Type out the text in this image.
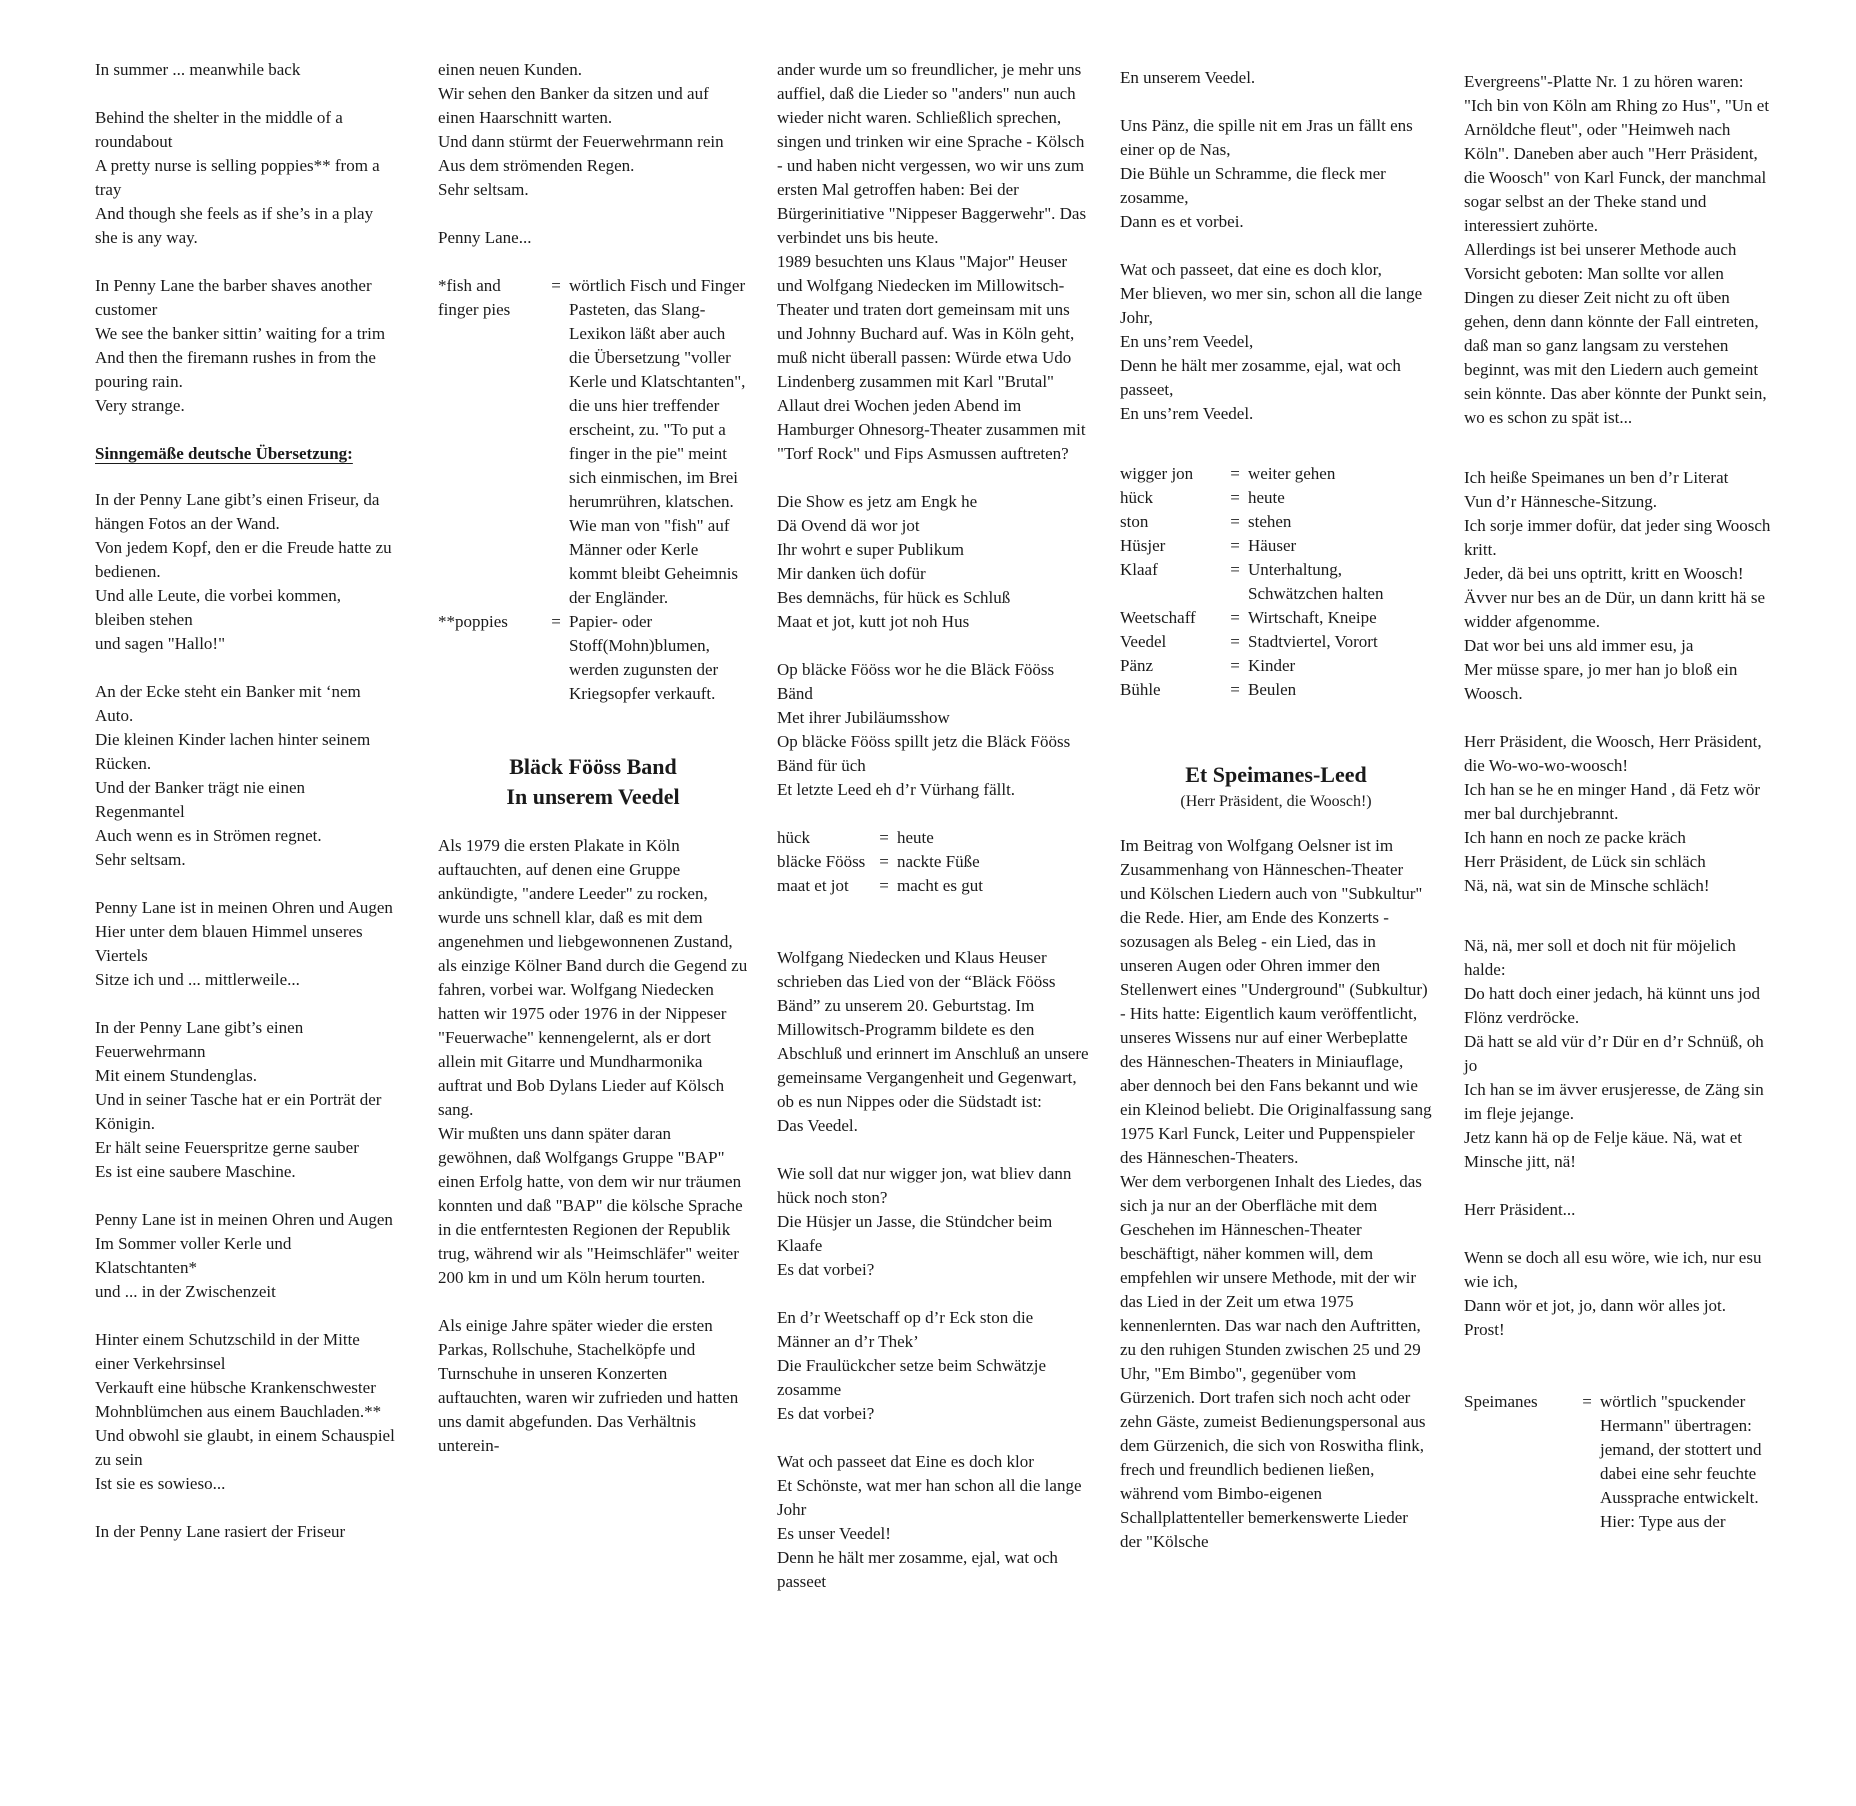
In summer ... meanwhile back

Behind the shelter in the middle of a roundabout
A pretty nurse is selling poppies** from a tray
And though she feels as if she’s in a play
she is any way.

In Penny Lane the barber shaves another customer
We see the banker sittin’ waiting for a trim
And then the firemann rushes in from the pouring rain.
Very strange.

Sinngemäße deutsche Übersetzung:

In der Penny Lane gibt’s einen Friseur, da hängen Fotos an der Wand.
Von jedem Kopf, den er die Freude hatte zu bedienen.
Und alle Leute, die vorbei kommen, bleiben stehen
und sagen "Hallo!"

An der Ecke steht ein Banker mit ‘nem Auto.
Die kleinen Kinder lachen hinter seinem Rücken.
Und der Banker trägt nie einen Regenmantel
Auch wenn es in Strömen regnet.
Sehr seltsam.

Penny Lane ist in meinen Ohren und Augen
Hier unter dem blauen Himmel unseres Viertels
Sitze ich und ... mittlerweile...

In der Penny Lane gibt’s einen Feuerwehrmann
Mit einem Stundenglas.
Und in seiner Tasche hat er ein Porträt der Königin.
Er hält seine Feuerspritze gerne sauber
Es ist eine saubere Maschine.

Penny Lane ist in meinen Ohren und Augen
Im Sommer voller Kerle und Klatschtanten*
und ... in der Zwischenzeit

Hinter einem Schutzschild in der Mitte einer Verkehrsinsel
Verkauft eine hübsche Krankenschwester Mohnblümchen aus einem Bauchladen.**
Und obwohl sie glaubt, in einem Schauspiel zu sein
Ist sie es sowieso...

In der Penny Lane rasiert der Friseur

einen neuen Kunden.
Wir sehen den Banker da sitzen und auf einen Haarschnitt warten.
Und dann stürmt der Feuerwehrmann rein
Aus dem strömenden Regen.
Sehr seltsam.

Penny Lane...

*fish and
finger pies	=	wörtlich Fisch und Finger Pasteten, das Slang-Lexikon läßt aber auch die Übersetzung "voller Kerle und Klatschtanten", die uns hier treffender erscheint, zu. "To put a finger in the pie" meint sich einmischen, im Brei herumrühren, klatschen. Wie man von "fish" auf Männer oder Kerle kommt bleibt Geheimnis der Engländer.
**poppies	=	Papier- oder Stoff(Mohn)blumen, werden zugunsten der Kriegsopfer verkauft.
Bläck Fööss Band
In unserem Veedel

Als 1979 die ersten Plakate in Köln auftauchten, auf denen eine Gruppe ankündigte, "andere Leeder" zu rocken, wurde uns schnell klar, daß es mit dem angenehmen und liebgewonnenen Zustand, als einzige Kölner Band durch die Gegend zu fahren, vorbei war. Wolfgang Niedecken hatten wir 1975 oder 1976 in der Nippeser "Feuerwache" kennengelernt, als er dort allein mit Gitarre und Mundharmonika auftrat und Bob Dylans Lieder auf Kölsch sang.
Wir mußten uns dann später daran gewöhnen, daß Wolfgangs Gruppe "BAP" einen Erfolg hatte, von dem wir nur träumen konnten und daß "BAP" die kölsche Sprache in die entferntesten Regionen der Republik trug, während wir als "Heimschläfer" weiter 200 km in und um Köln herum tourten.

Als einige Jahre später wieder die ersten Parkas, Rollschuhe, Stachelköpfe und Turnschuhe in unseren Konzerten auftauchten, waren wir zufrieden und hatten uns damit abgefunden. Das Verhältnis unterein-

ander wurde um so freundlicher, je mehr uns auffiel, daß die Lieder so "anders" nun auch wieder nicht waren. Schließlich sprechen, singen und trinken wir eine Sprache - Kölsch - und haben nicht vergessen, wo wir uns zum ersten Mal getroffen haben: Bei der Bürgerinitiative "Nippeser Baggerwehr". Das verbindet uns bis heute.
1989 besuchten uns Klaus "Major" Heuser und Wolfgang Niedecken im Millowitsch-Theater und traten dort gemeinsam mit uns und Johnny Buchard auf. Was in Köln geht, muß nicht überall passen: Würde etwa Udo Lindenberg zusammen mit Karl "Brutal" Allaut drei Wochen jeden Abend im Hamburger Ohnesorg-Theater zusammen mit "Torf Rock" und Fips Asmussen auftreten?

Die Show es jetz am Engk he
Dä Ovend dä wor jot
Ihr wohrt e super Publikum
Mir danken üch dofür
Bes demnächs, für hück es Schluß
Maat et jot, kutt jot noh Hus

Op bläcke Fööss wor he die Bläck Fööss Bänd
Met ihrer Jubiläumsshow
Op bläcke Fööss spillt jetz die Bläck Fööss Bänd für üch
Et letzte Leed eh d’r Vürhang fällt.

hück	=	heute
bläcke Fööss	=	nackte Füße
maat et jot	=	macht es gut

Wolfgang Niedecken und Klaus Heuser schrieben das Lied von der “Bläck Fööss Bänd” zu unserem 20. Geburtstag. Im Millowitsch-Programm bildete es den Abschluß und erinnert im Anschluß an unsere gemeinsame Vergangenheit und Gegenwart, ob es nun Nippes oder die Südstadt ist:
Das Veedel.

Wie soll dat nur wigger jon, wat bliev dann hück noch ston?
Die Hüsjer un Jasse, die Stündcher beim Klaafe
Es dat vorbei?

En d’r Weetschaff op d’r Eck ston die Männer an d’r Thek’
Die Fraulückcher setze beim Schwätzje zosamme
Es dat vorbei?

Wat och passeet dat Eine es doch klor
Et Schönste, wat mer han schon all die lange Johr
Es unser Veedel!
Denn he hält mer zosamme, ejal, wat och passeet

En unserem Veedel.

Uns Pänz, die spille nit em Jras un fällt ens einer op de Nas,
Die Bühle un Schramme, die fleck mer zosamme,
Dann es et vorbei.

Wat och passeet, dat eine es doch klor,
Mer blieven, wo mer sin, schon all die lange Johr,
En uns’rem Veedel,
Denn he hält mer zosamme, ejal, wat och passeet,
En uns’rem Veedel.

wigger jon	=	weiter gehen
hück	=	heute
ston	=	stehen
Hüsjer	=	Häuser
Klaaf	=	Unterhaltung, Schwätzchen halten
Weetschaff	=	Wirtschaft, Kneipe
Veedel	=	Stadtviertel, Vorort
Pänz	=	Kinder
Bühle	=	Beulen
Et Speimanes-Leed
(Herr Präsident, die Woosch!)

Im Beitrag von Wolfgang Oelsner ist im Zusammenhang von Hänneschen-Theater und Kölschen Liedern auch von "Subkultur" die Rede. Hier, am Ende des Konzerts - sozusagen als Beleg - ein Lied, das in unseren Augen oder Ohren immer den Stellenwert eines "Underground" (Subkultur) - Hits hatte: Eigentlich kaum veröffentlicht, unseres Wissens nur auf einer Werbeplatte des Hänneschen-Theaters in Miniauflage, aber dennoch bei den Fans bekannt und wie ein Kleinod beliebt. Die Originalfassung sang 1975 Karl Funck, Leiter und Puppenspieler des Hänneschen-Theaters.

Wer dem verborgenen Inhalt des Liedes, das sich ja nur an der Oberfläche mit dem Geschehen im Hänneschen-Theater beschäftigt, näher kommen will, dem empfehlen wir unsere Methode, mit der wir das Lied in der Zeit um etwa 1975 kennenlernten. Das war nach den Auftritten, zu den ruhigen Stunden zwischen 25 und 29 Uhr, "Em Bimbo", gegenüber vom Gürzenich. Dort trafen sich noch acht oder zehn Gäste, zumeist Bedienungspersonal aus dem Gürzenich, die sich von Roswitha flink, frech und freundlich bedienen ließen, während vom Bimbo-eigenen Schallplattenteller bemerkenswerte Lieder der "Kölsche

Evergreens"-Platte Nr. 1 zu hören waren: "Ich bin von Köln am Rhing zo Hus", "Un et Arnöldche fleut", oder "Heimweh nach Köln". Daneben aber auch "Herr Präsident, die Woosch" von Karl Funck, der manchmal sogar selbst an der Theke stand und interessiert zuhörte.

Allerdings ist bei unserer Methode auch Vorsicht geboten: Man sollte vor allen Dingen zu dieser Zeit nicht zu oft üben gehen, denn dann könnte der Fall eintreten, daß man so ganz langsam zu verstehen beginnt, was mit den Liedern auch gemeint sein könnte. Das aber könnte der Punkt sein, wo es schon zu spät ist...

Ich heiße Speimanes un ben d’r Literat
Vun d’r Hännesche-Sitzung.
Ich sorje immer dofür, dat jeder sing Woosch kritt.
Jeder, dä bei uns optritt, kritt en Woosch!
Ävver nur bes an de Dür, un dann kritt hä se widder afgenomme.
Dat wor bei uns ald immer esu, ja
Mer müsse spare, jo mer han jo bloß ein Woosch.

Herr Präsident, die Woosch, Herr Präsident, die Wo-wo-wo-woosch!
Ich han se he en minger Hand , dä Fetz wör mer bal durchjebrannt.
Ich hann en noch ze packe kräch
Herr Präsident, de Lück sin schläch
Nä, nä, wat sin de Minsche schläch!

Nä, nä, mer soll et doch nit für möjelich halde:
Do hatt doch einer jedach, hä künnt uns jod Flönz verdröcke.
Dä hatt se ald vür d’r Dür en d’r Schnüß, oh jo
Ich han se im ävver erusjeresse, de Zäng sin im fleje jejange.
Jetz kann hä op de Felje käue. Nä, wat et Minsche jitt, nä!

Herr Präsident...

Wenn se doch all esu wöre, wie ich, nur esu wie ich,
Dann wör et jot, jo, dann wör alles jot.
Prost!

Speimanes	=	wörtlich "spuckender Hermann" übertragen: jemand, der stottert und dabei eine sehr feuchte Aussprache entwickelt. Hier: Type aus der
